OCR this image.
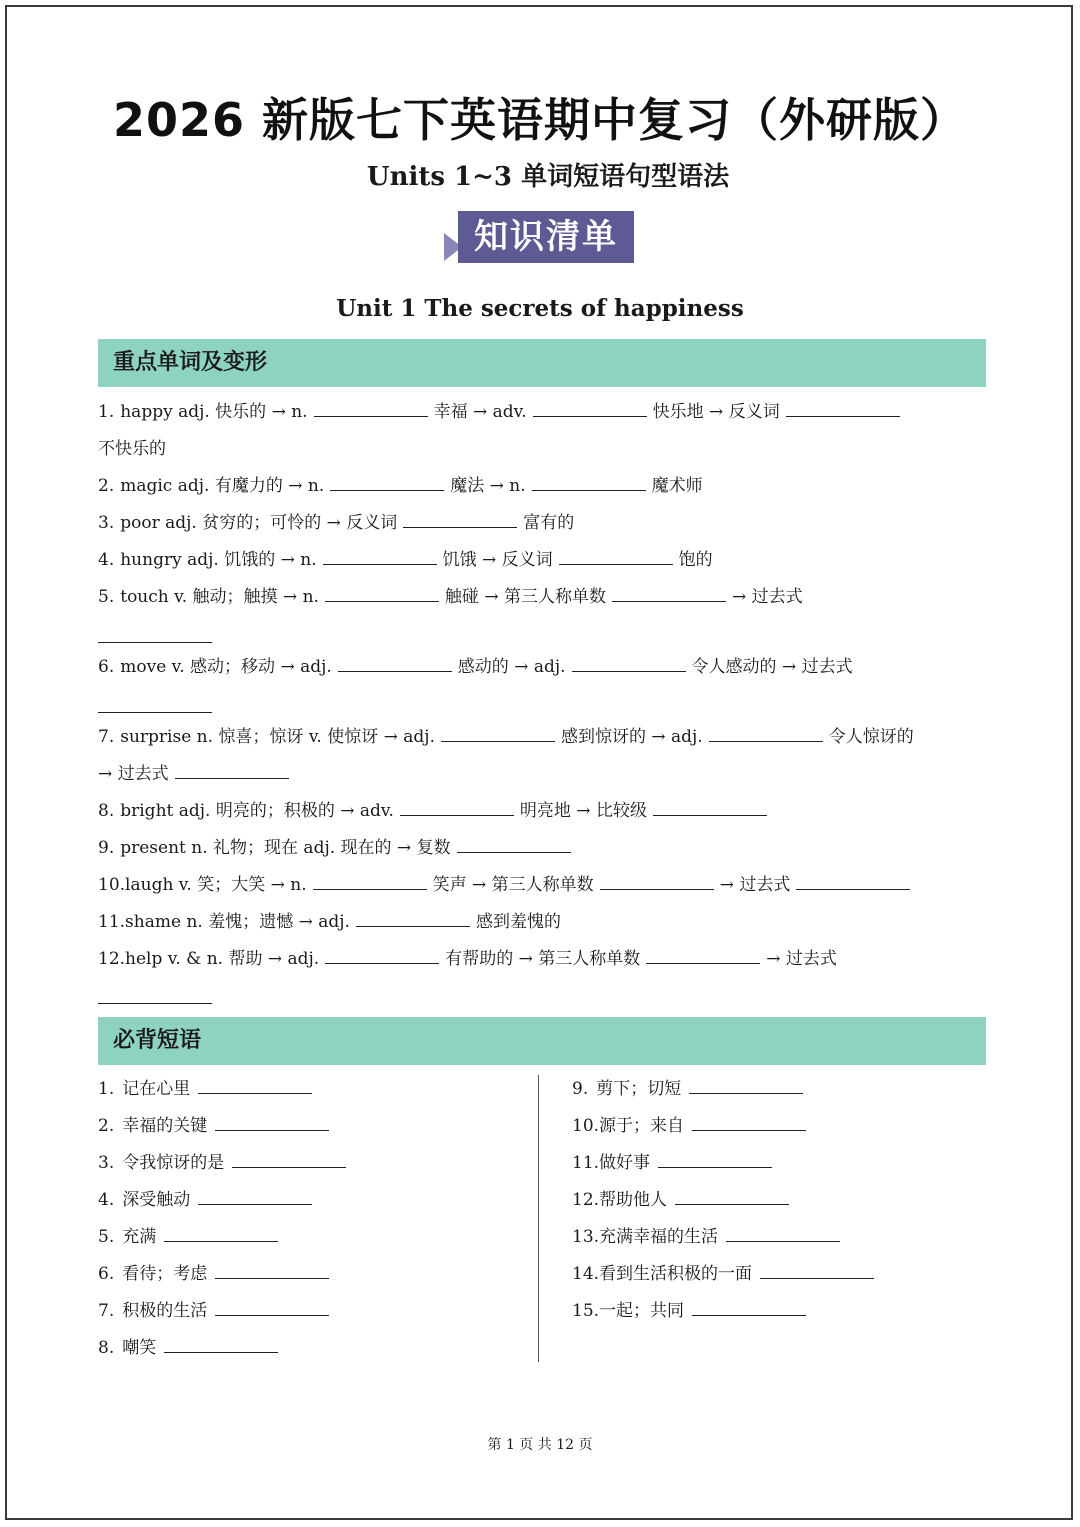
2026 新版七下英语期中复习（外研版）
Units 1~3 单词短语句型语法
知识清单
Unit 1 The secrets of happiness
重点单词及变形
1. happy adj. 快乐的 → n.	幸福 → adv.	快乐地 → 反义词
不快乐的
2. magic adj. 有魔力的 → n.	魔法 → n.	魔术师
3. poor adj. 贫穷的；可怜的 → 反义词	富有的
4. hungry adj. 饥饿的 → n.	饥饿 → 反义词	饱的
5. touch v. 触动；触摸 → n.	触碰 → 第三人称单数	→ 过去式
6. move v. 感动；移动 → adj.	感动的 → adj.	令人感动的 → 过去式
7. surprise n. 惊喜；惊讶 v. 使惊讶 → adj.	感到惊讶的 → adj.	令人惊讶的
→ 过去式
8. bright adj. 明亮的；积极的 → adv.	明亮地 → 比较级
9. present n. 礼物；现在 adj. 现在的 → 复数
10.laugh v. 笑；大笑 → n.	笑声 → 第三人称单数	→ 过去式
11.shame n. 羞愧；遗憾 → adj.	感到羞愧的
12.help v. & n. 帮助 → adj.	有帮助的 → 第三人称单数	→ 过去式
必背短语
1. 记在心里
2. 幸福的关键
3. 令我惊讶的是
4. 深受触动
5. 充满
6. 看待；考虑
7. 积极的生活
8. 嘲笑
9. 剪下；切短
10.源于；来自
11.做好事
12.帮助他人
13.充满幸福的生活
14.看到生活积极的一面
15.一起；共同
第 1 页 共 12 页
